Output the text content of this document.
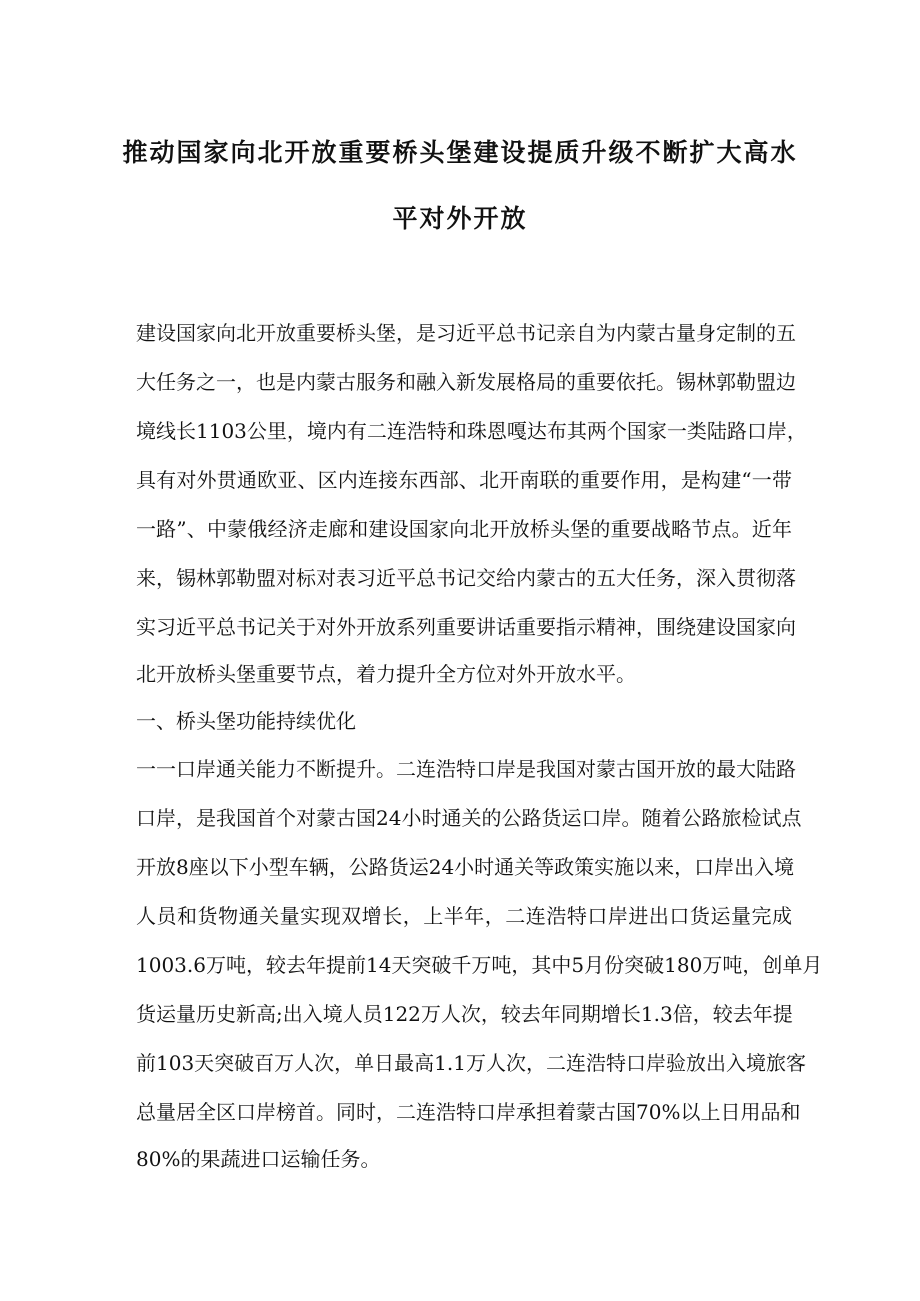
推动国家向北开放重要桥头堡建设提质升级不断扩大高水
平对外开放
建设国家向北开放重要桥头堡，是习近平总书记亲自为内蒙古量身定制的五
大任务之一，也是内蒙古服务和融入新发展格局的重要依托。锡林郭勒盟边
境线长1103公里，境内有二连浩特和珠恩嘎达布其两个国家一类陆路口岸，
具有对外贯通欧亚、区内连接东西部、北开南联的重要作用，是构建“一带
一路”、中蒙俄经济走廊和建设国家向北开放桥头堡的重要战略节点。近年
来，锡林郭勒盟对标对表习近平总书记交给内蒙古的五大任务，深入贯彻落
实习近平总书记关于对外开放系列重要讲话重要指示精神，围绕建设国家向
北开放桥头堡重要节点，着力提升全方位对外开放水平。
一、桥头堡功能持续优化
一一口岸通关能力不断提升。二连浩特口岸是我国对蒙古国开放的最大陆路
口岸，是我国首个对蒙古国24小时通关的公路货运口岸。随着公路旅检试点
开放8座以下小型车辆，公路货运24小时通关等政策实施以来，口岸出入境
人员和货物通关量实现双增长，上半年，二连浩特口岸进出口货运量完成
1003.6万吨，较去年提前14天突破千万吨，其中5月份突破180万吨，创单月
货运量历史新高;出入境人员122万人次，较去年同期增长1.3倍，较去年提
前103天突破百万人次，单日最高1.1万人次，二连浩特口岸验放出入境旅客
总量居全区口岸榜首。同时，二连浩特口岸承担着蒙古国70%以上日用品和
80%的果蔬进口运输任务。
